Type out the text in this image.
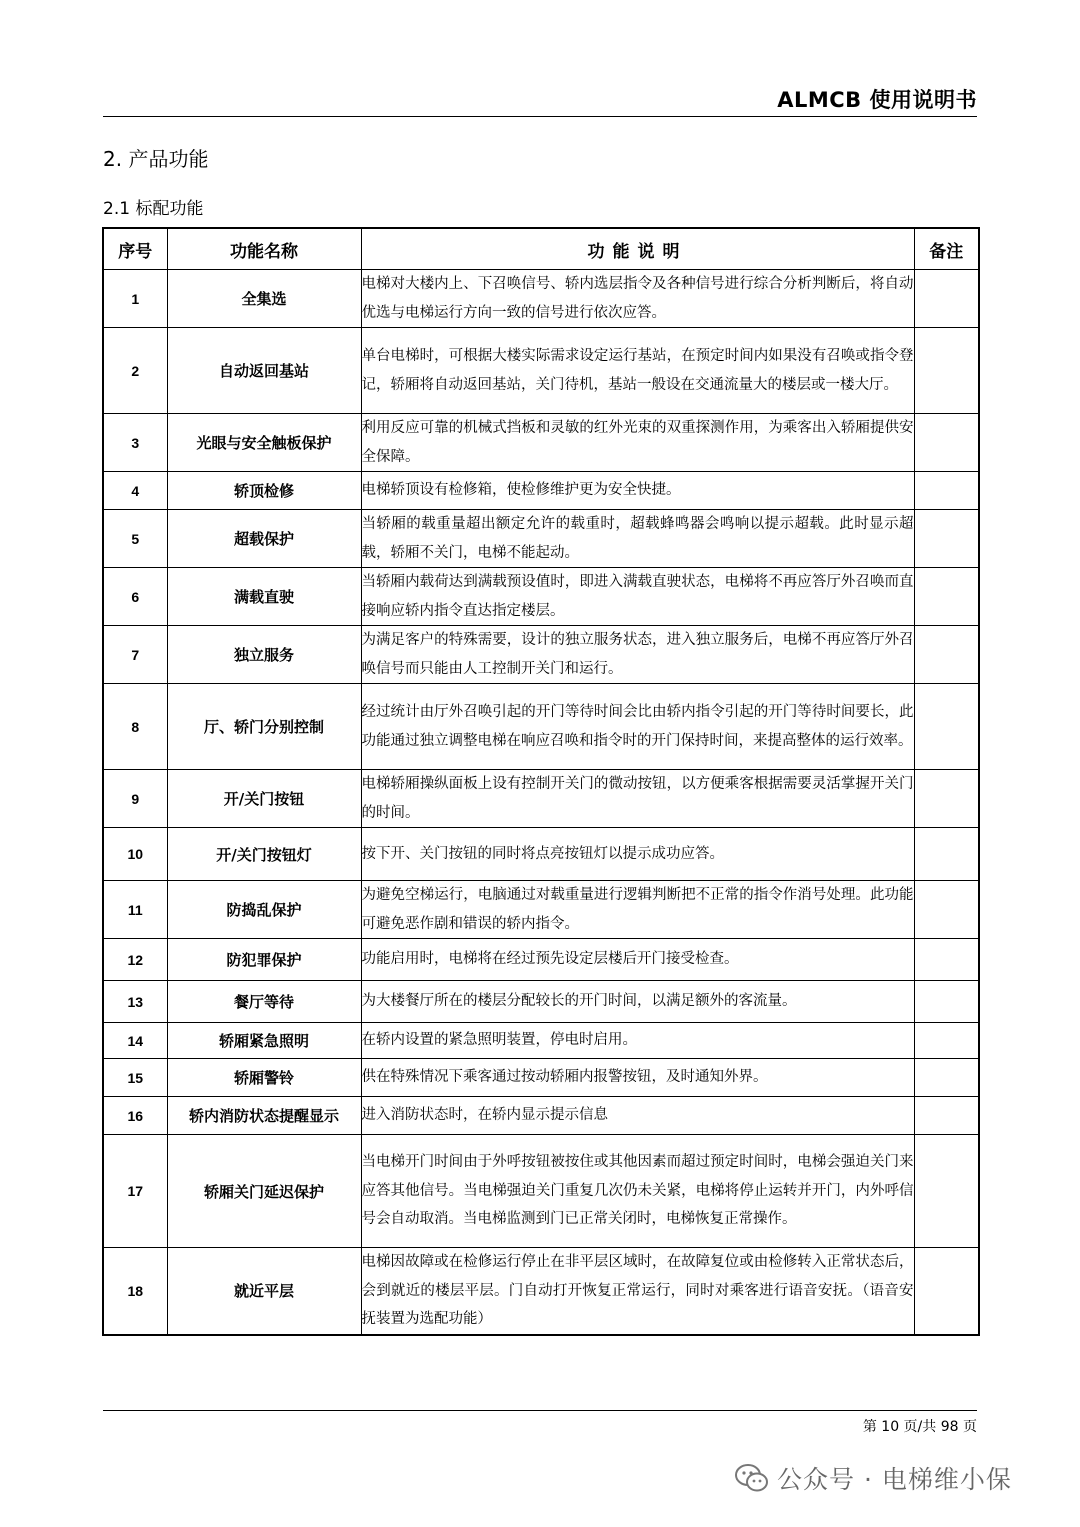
ALMCB 使用说明书
2. 产品功能
2.1 标配功能
序号	功能名称	功能说明	备注
1	全集选	电梯对大楼内上、下召唤信号、轿内选层指令及各种信号进行综合分析判断后，将自动优选与电梯运行方向一致的信号进行依次应答。	
2	自动返回基站	单台电梯时，可根据大楼实际需求设定运行基站，在预定时间内如果没有召唤或指令登记，轿厢将自动返回基站，关门待机，基站一般设在交通流量大的楼层或一楼大厅。	
3	光眼与安全触板保护	利用反应可靠的机械式挡板和灵敏的红外光束的双重探测作用，为乘客出入轿厢提供安全保障。	
4	轿顶检修	电梯轿顶设有检修箱，使检修维护更为安全快捷。	
5	超载保护	当轿厢的载重量超出额定允许的载重时，超载蜂鸣器会鸣响以提示超载。此时显示超载，轿厢不关门，电梯不能起动。	
6	满载直驶	当轿厢内载荷达到满载预设值时，即进入满载直驶状态，电梯将不再应答厅外召唤而直接响应轿内指令直达指定楼层。	
7	独立服务	为满足客户的特殊需要，设计的独立服务状态，进入独立服务后，电梯不再应答厅外召唤信号而只能由人工控制开关门和运行。	
8	厅、轿门分别控制	经过统计由厅外召唤引起的开门等待时间会比由轿内指令引起的开门等待时间要长，此功能通过独立调整电梯在响应召唤和指令时的开门保持时间，来提高整体的运行效率。	
9	开/关门按钮	电梯轿厢操纵面板上设有控制开关门的微动按钮，以方便乘客根据需要灵活掌握开关门的时间。	
10	开/关门按钮灯	按下开、关门按钮的同时将点亮按钮灯以提示成功应答。	
11	防捣乱保护	为避免空梯运行，电脑通过对载重量进行逻辑判断把不正常的指令作消号处理。此功能可避免恶作剧和错误的轿内指令。	
12	防犯罪保护	功能启用时，电梯将在经过预先设定层楼后开门接受检查。	
13	餐厅等待	为大楼餐厅所在的楼层分配较长的开门时间，以满足额外的客流量。	
14	轿厢紧急照明	在轿内设置的紧急照明装置，停电时启用。	
15	轿厢警铃	供在特殊情况下乘客通过按动轿厢内报警按钮，及时通知外界。	
16	轿内消防状态提醒显示	进入消防状态时，在轿内显示提示信息	
17	轿厢关门延迟保护	当电梯开门时间由于外呼按钮被按住或其他因素而超过预定时间时，电梯会强迫关门来应答其他信号。当电梯强迫关门重复几次仍未关紧，电梯将停止运转并开门，内外呼信号会自动取消。当电梯监测到门已正常关闭时，电梯恢复正常操作。	
18	就近平层	电梯因故障或在检修运行停止在非平层区域时，在故障复位或由检修转入正常状态后，会到就近的楼层平层。门自动打开恢复正常运行，同时对乘客进行语音安抚。（语音安抚装置为选配功能）	
第 10 页/共 98 页
公众号 · 电梯维小保
